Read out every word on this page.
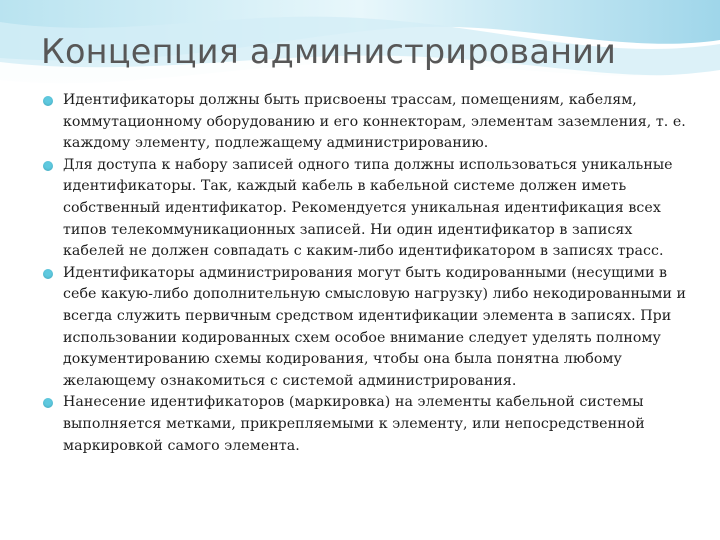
Концепция администрировании
Идентификаторы должны быть присвоены трассам, помещениям, кабелям, коммутационному оборудованию и его коннекторам, элементам заземления, т. е. каждому элементу, подлежащему администрированию.
Для доступа к набору записей одного типа должны использоваться уникальные идентификаторы. Так, каждый кабель в кабельной системе должен иметь собственный идентификатор. Рекомендуется уникальная идентификация всех типов телекоммуникационных записей. Ни один идентификатор в записях кабелей не должен совпадать с каким-либо идентификатором в записях трасс.
Идентификаторы администрирования могут быть кодированными (несущими в себе какую-либо дополнительную смысловую нагрузку) либо некодированными и всегда служить первичным средством идентификации элемента в записях. При использовании кодированных схем особое внимание следует уделять полному документированию схемы кодирования, чтобы она была понятна любому желающему ознакомиться с системой администрирования.
Нанесение идентификаторов (маркировка) на элементы кабельной системы выполняется метками, прикрепляемыми к элементу, или непосредственной маркировкой самого элемента.
